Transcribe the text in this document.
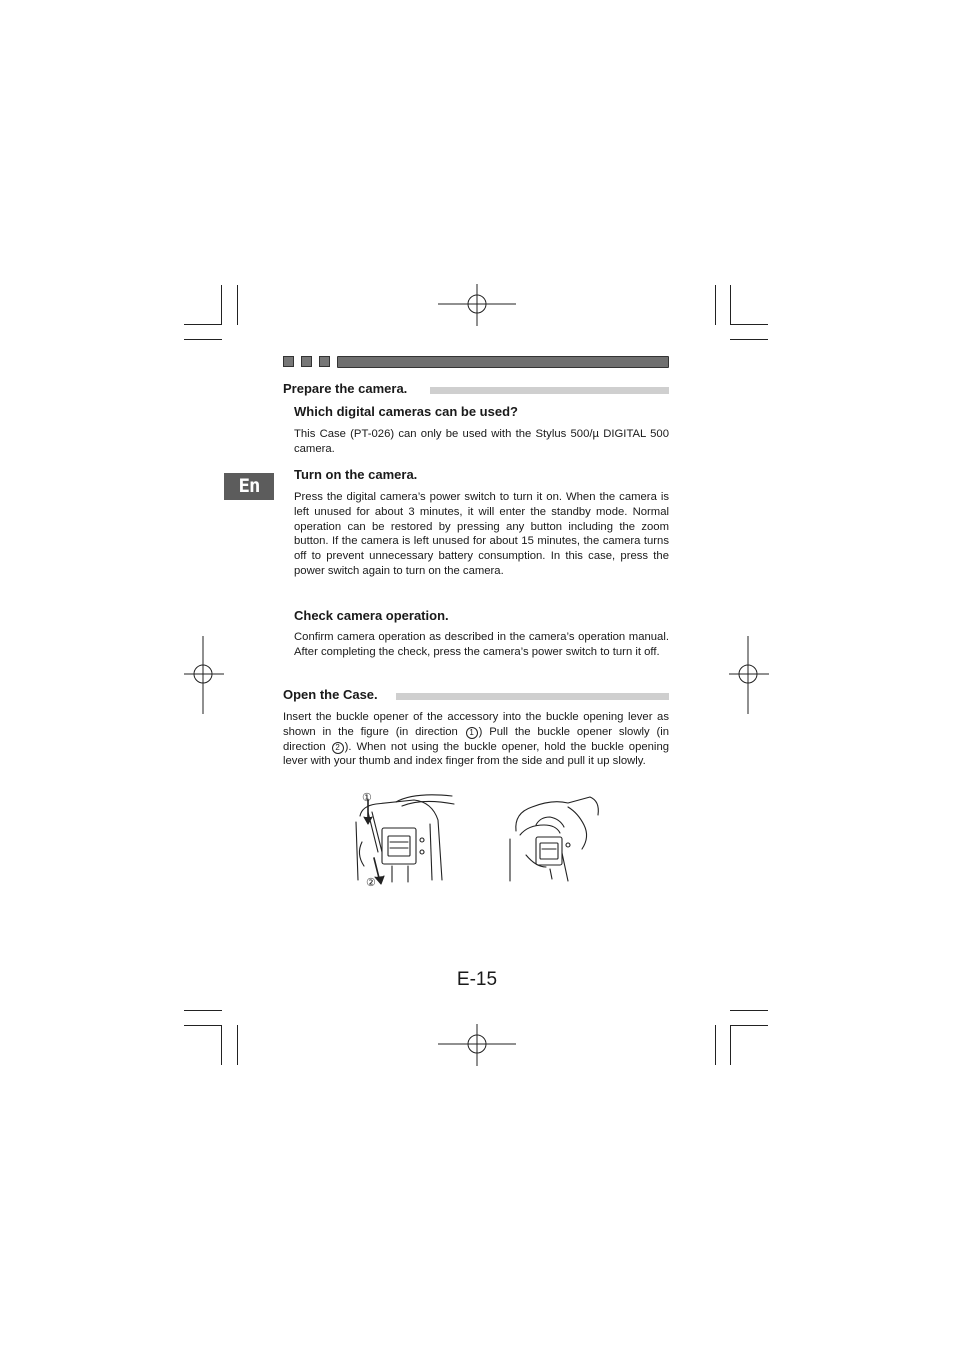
En
Prepare the camera.
Which digital cameras can be used?
This Case (PT-026) can only be used with the Stylus 500/µ DIGITAL 500 camera.
Turn on the camera.
Press the digital camera’s power switch to turn it on. When the camera is left unused for about 3 minutes, it will enter the standby mode. Normal operation can be restored by pressing any button including the zoom button. If the camera is left unused for about 15 minutes, the camera turns off to prevent unnecessary battery consumption. In this case, press the power switch again to turn on the camera.
Check camera operation.
Confirm camera operation as described in the camera’s operation manual. After completing the check, press the camera’s power switch to turn it off.
Open the Case.
Insert the buckle opener of the accessory into the buckle opening lever as shown in the figure (in direction 1 ) Pull the buckle opener slowly (in direction 2 ). When not using the buckle opener, hold the buckle opening lever with your thumb and index finger from the side and pull it up slowly.
①
②
E-15
